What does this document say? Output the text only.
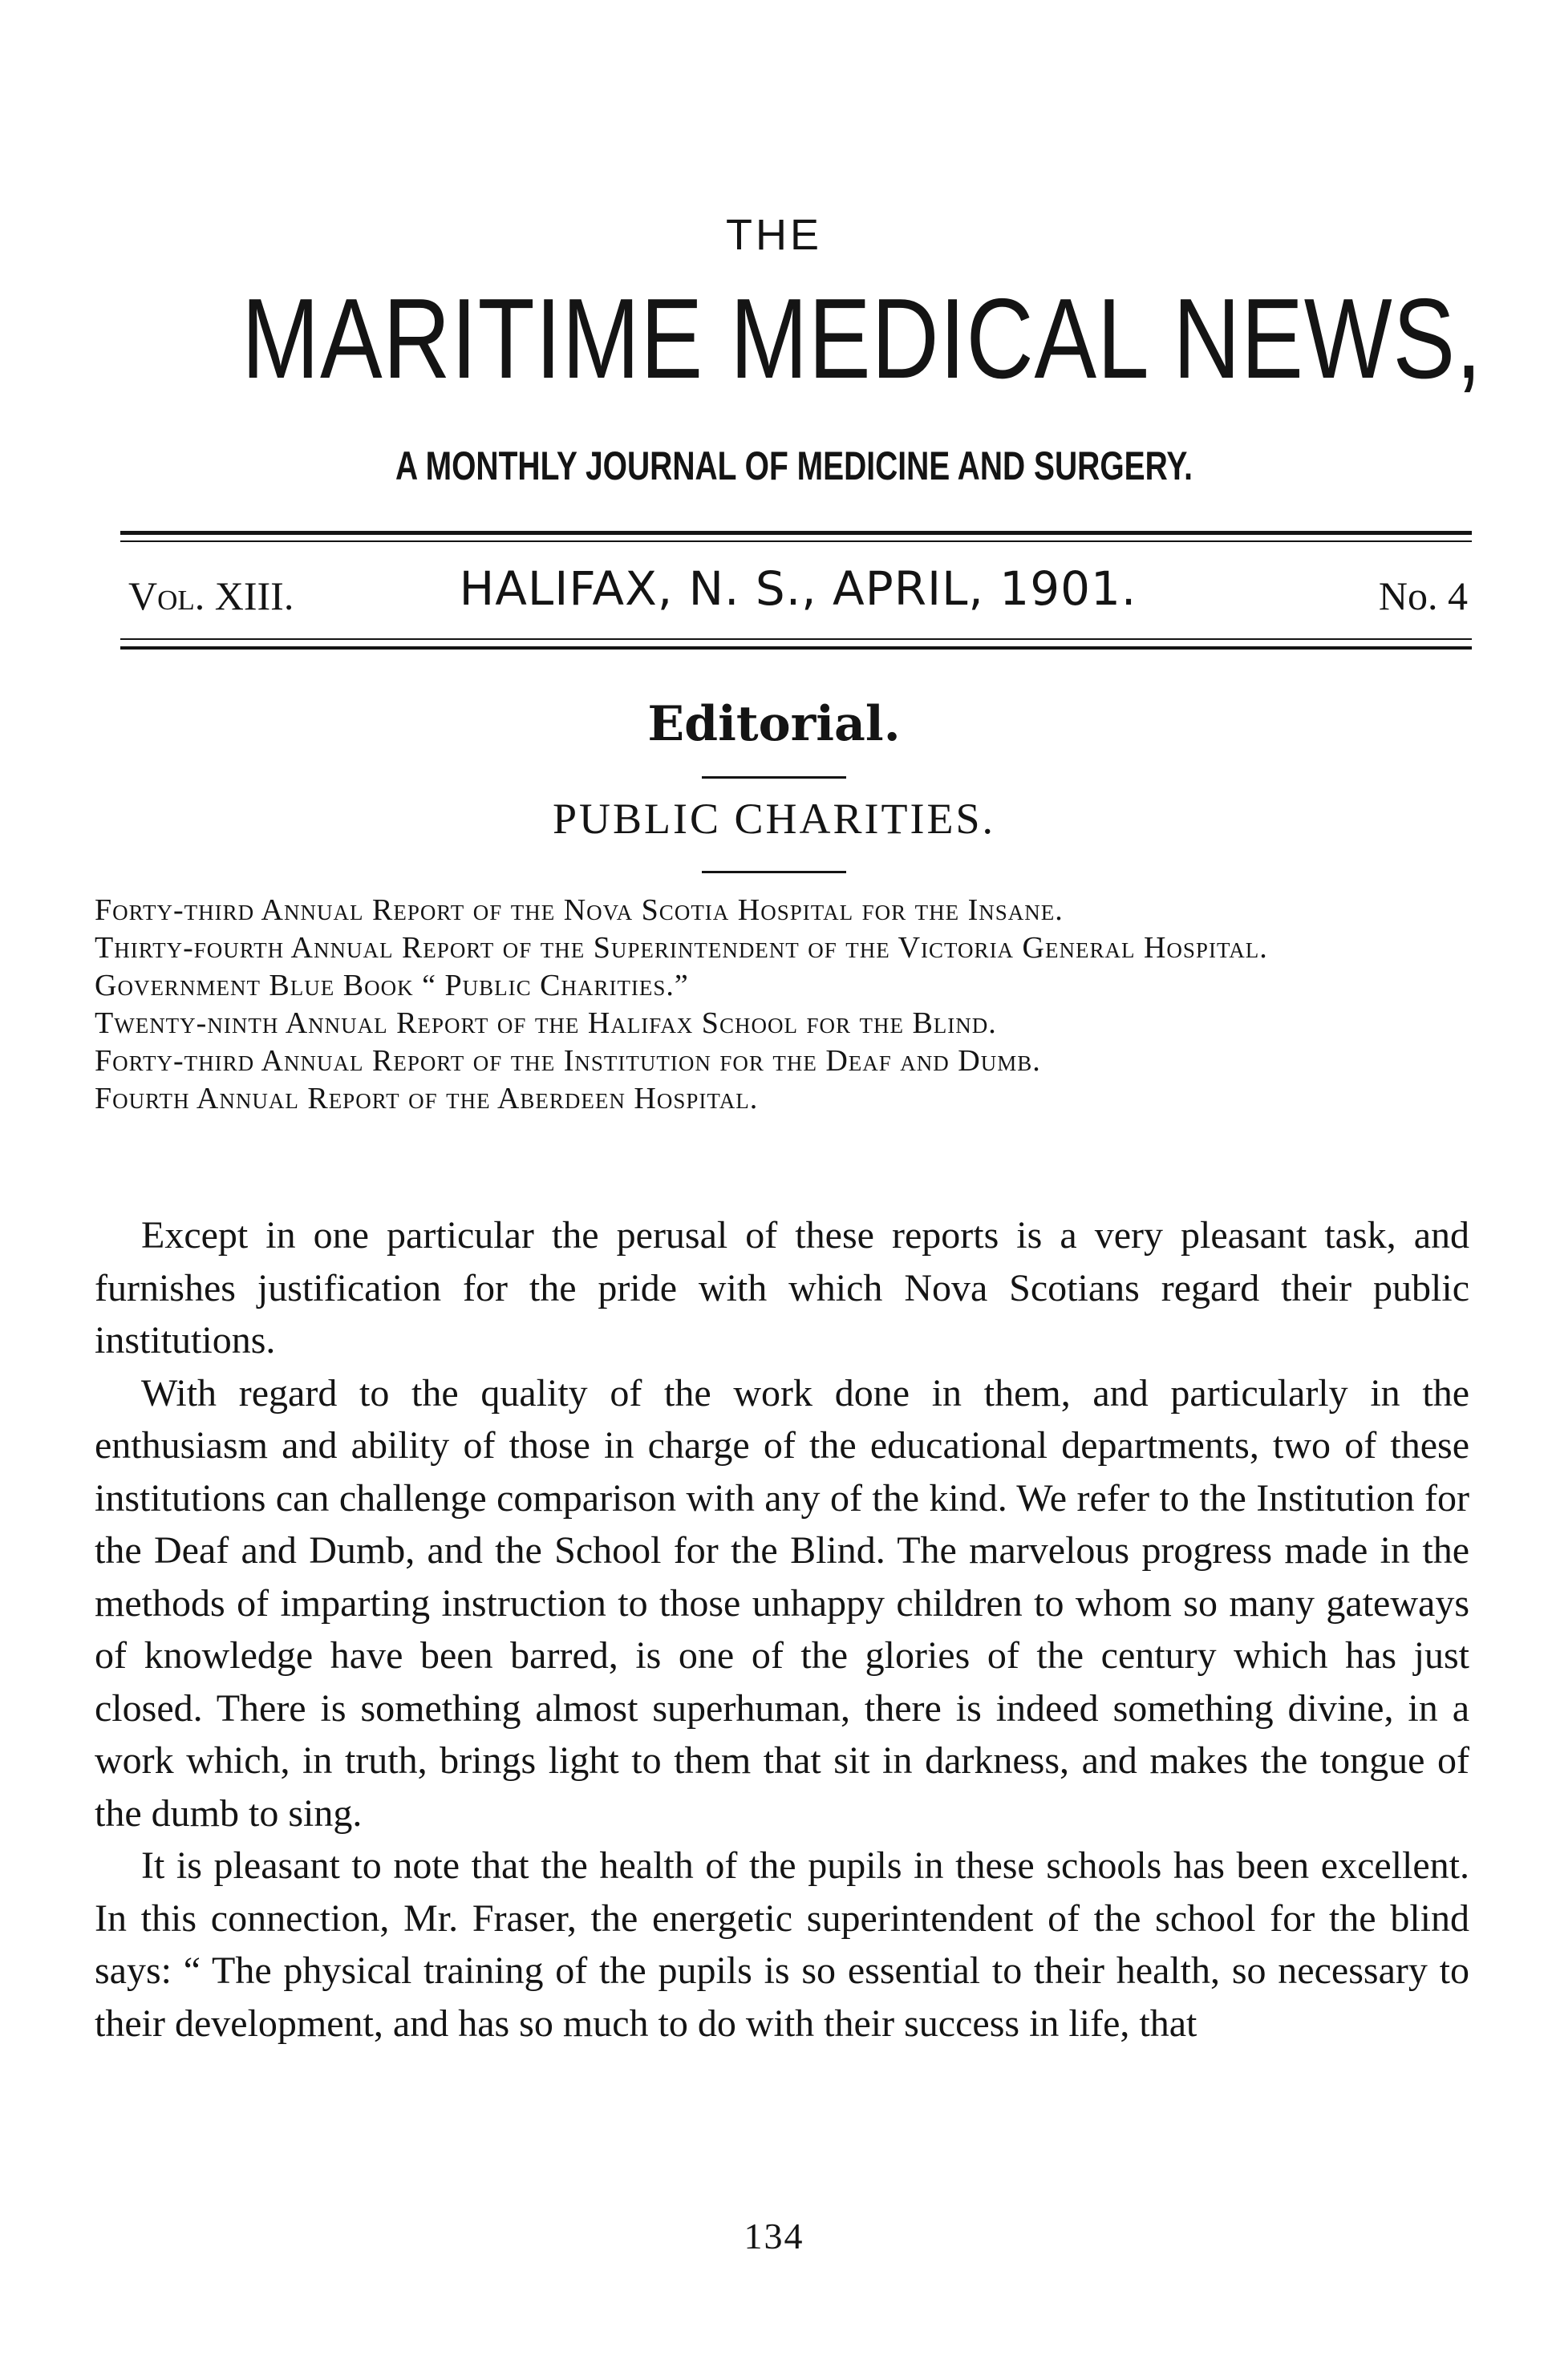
THE
MARITIME MEDICAL NEWS,
A MONTHLY JOURNAL OF MEDICINE AND SURGERY.
Vol. XIII.	HALIFAX, N. S., APRIL, 1901.	No. 4
Editorial.
PUBLIC CHARITIES.
Forty-third Annual Report of the Nova Scotia Hospital for the Insane.
Thirty-fourth Annual Report of the Superintendent of the Victoria General Hospital.
Government Blue Book “ Public Charities.”
Twenty-ninth Annual Report of the Halifax School for the Blind.
Forty-third Annual Report of the Institution for the Deaf and Dumb.
Fourth Annual Report of the Aberdeen Hospital.

Except in one particular the perusal of these reports is a very pleasant task, and furnishes justification for the pride with which Nova Scotians regard their public institutions.

With regard to the quality of the work done in them, and particularly in the enthusiasm and ability of those in charge of the educational departments, two of these institutions can challenge comparison with any of the kind. We refer to the Institution for the Deaf and Dumb, and the School for the Blind. The marvelous progress made in the methods of imparting instruction to those unhappy children to whom so many gateways of knowledge have been barred, is one of the glories of the century which has just closed. There is something almost superhuman, there is indeed something divine, in a work which, in truth, brings light to them that sit in darkness, and makes the tongue of the dumb to sing.

It is pleasant to note that the health of the pupils in these schools has been excellent. In this connection, Mr. Fraser, the energetic superintendent of the school for the blind says: “ The physical training of the pupils is so essential to their health, so necessary to their development, and has so much to do with their success in life, that

134
